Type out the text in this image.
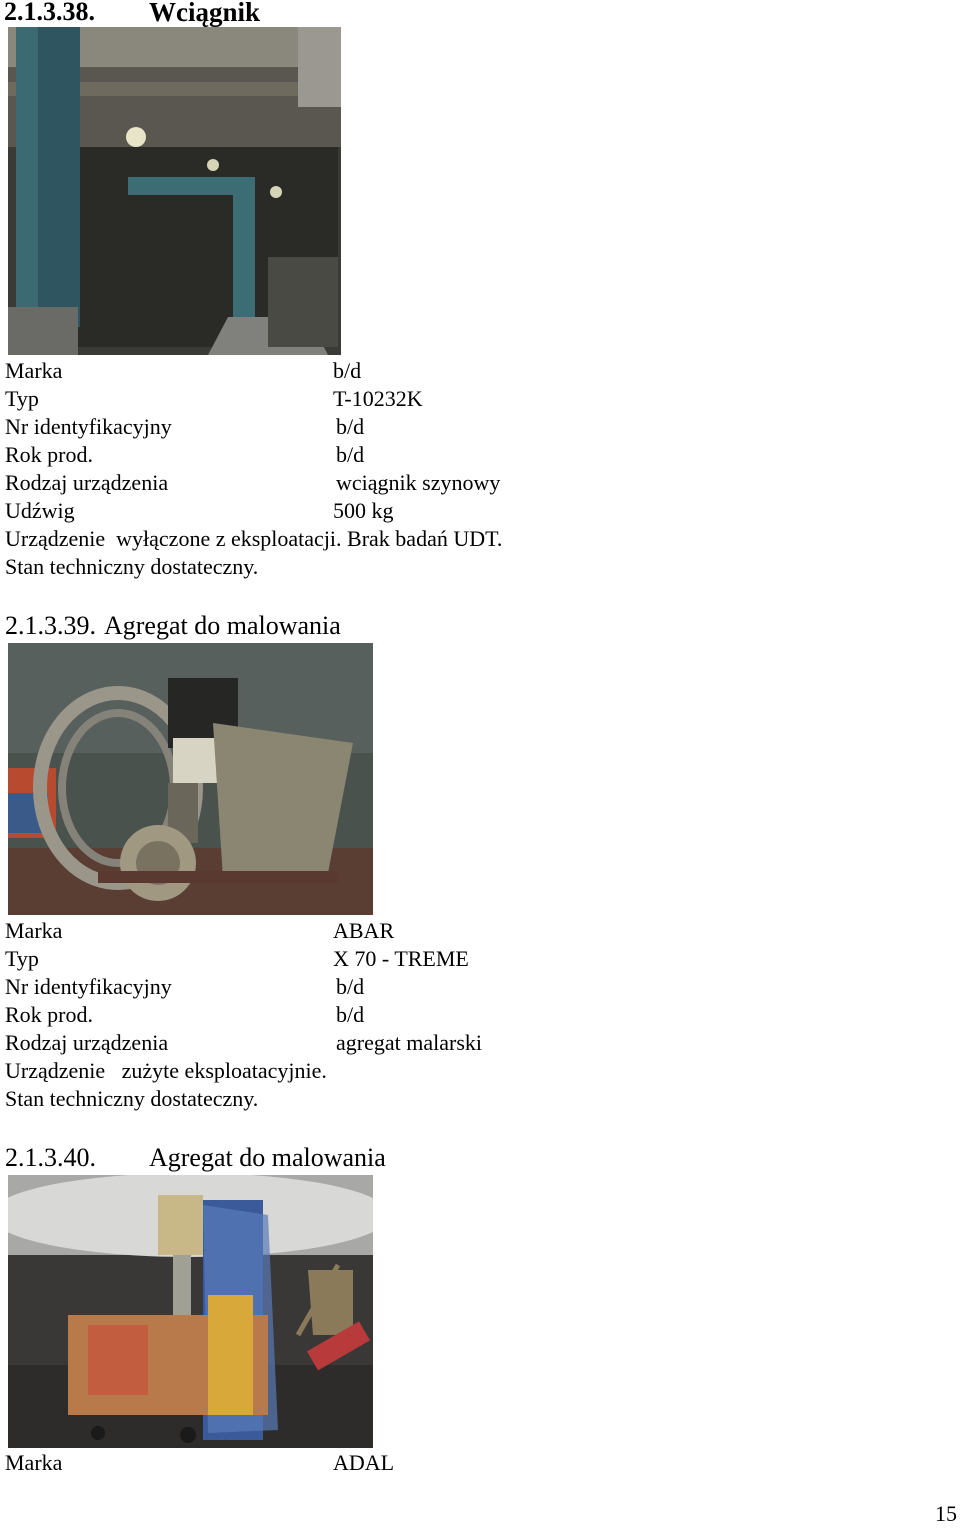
2.1.3.38. Wciągnik
Marka	b/d
Typ	T-10232K
Nr identyfikacyjny	b/d
Rok prod.	b/d
Rodzaj urządzenia	wciągnik szynowy
Udźwig	500 kg
Urządzenie  wyłączone z eksploatacji. Brak badań UDT.
Stan techniczny dostateczny.
2.1.3.39. Agregat do malowania
Marka	ABAR
Typ	X 70 - TREME
Nr identyfikacyjny	b/d
Rok prod.	b/d
Rodzaj urządzenia	agregat malarski
Urządzenie   zużyte eksploatacyjnie.
Stan techniczny dostateczny.
2.1.3.40. Agregat do malowania
Marka	ADAL
15
